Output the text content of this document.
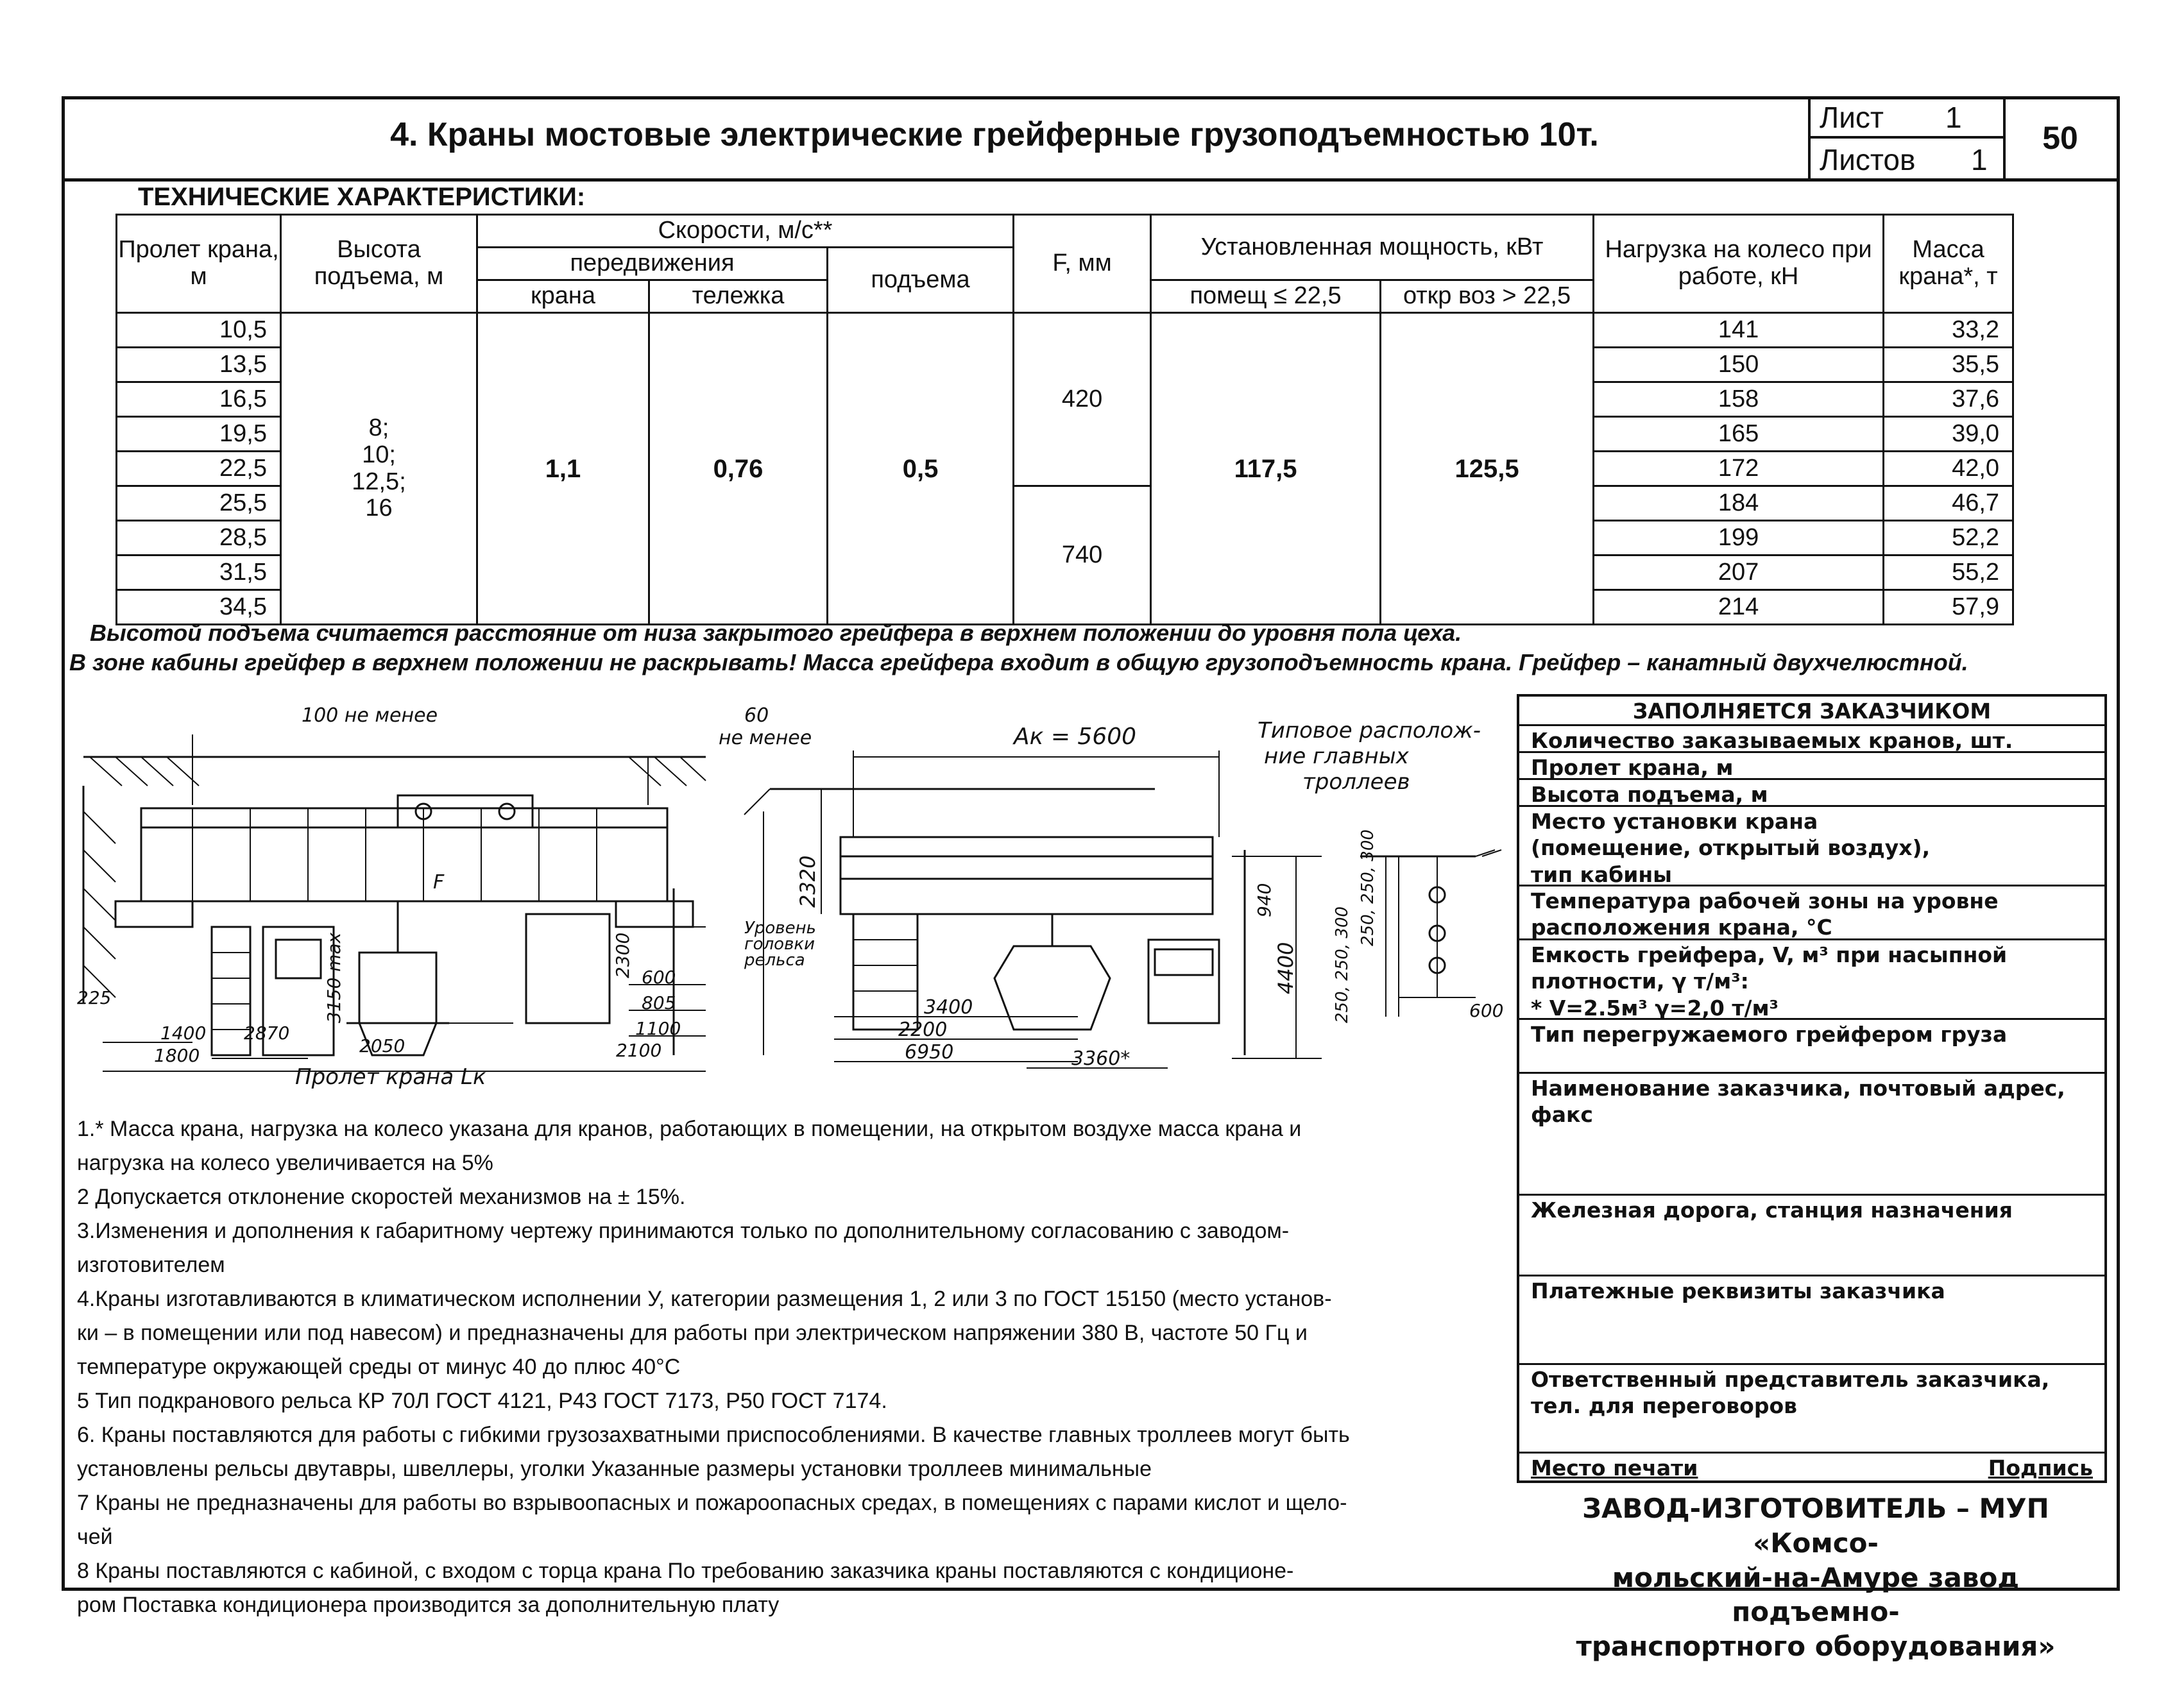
4. Краны мостовые электрические грейферные грузоподъемностью 10т.	Лист 1
Листов 1
50
ТЕХНИЧЕСКИЕ ХАРАКТЕРИСТИКИ:
Пролет крана, м	Высота подъема, м	Скорости, м/с**			F, мм	Установленная мощность, кВт		Нагрузка на колесо при работе, кН	Масса крана*, т
		передвижения		подъема					
		крана	тележка			помещ ≤ 22,5	откр воз > 22,5		
10,5	8;
10;
12,5;
16	1,1	0,76	0,5	420	117,5	125,5	141	33,2
13,5								150	35,5
16,5								158	37,6
19,5								165	39,0
22,5								172	42,0
25,5					740			184	46,7
28,5								199	52,2
31,5								207	55,2
34,5								214	57,9
Высотой подъема считается расстояние от низа закрытого грейфера в верхнем положении до уровня пола цеха.
В зоне кабины грейфер в верхнем положении не раскрывать! Масса грейфера входит в общую грузоподъемность крана. Грейфер – канатный двухчелюстной.
100 не менее	60
не менее	Ак = 5600	Типовое располож-
ние главных
троллеев
2320
F
Уровень
головки
рельса
2300
3150 max
225
1400 2870
2050
1800
600
805
1100
2100
Пролет крана Lк
3400
2200
6950	3360*
940
4400
250, 250, 300
250, 250, 300	600
ЗАПОЛНЯЕТСЯ ЗАКАЗЧИКОМ
Количество заказываемых кранов, шт.
Пролет крана, м
Высота подъема, м
Место установки крана
(помещение, открытый воздух),
тип кабины
Температура рабочей зоны на уровне
расположения крана, °С
Емкость грейфера, V, м³ при насыпной
плотности, γ т/м³:
* V=2.5м³ γ=2,0 т/м³
Тип перегружаемого грейфером груза
Наименование заказчика, почтовый адрес,
факс
Железная дорога, станция назначения
Платежные реквизиты заказчика
Ответственный представитель заказчика,
тел. для переговоров
Место печати	Подпись
1.* Масса крана, нагрузка на колесо указана для кранов, работающих в помещении, на открытом воздухе масса крана и
нагрузка на колесо увеличивается на 5%
2 Допускается отклонение скоростей механизмов на ± 15%.
3.Изменения и дополнения к габаритному чертежу принимаются только по дополнительному согласованию с заводом-
изготовителем
4.Краны изготавливаются в климатическом исполнении У, категории размещения 1, 2 или 3 по ГОСТ 15150 (место установ-
ки – в помещении или под навесом) и предназначены для работы при электрическом напряжении 380 В, частоте 50 Гц и
температуре окружающей среды от минус 40 до плюс 40°С
5 Тип подкранового рельса КР 70Л ГОСТ 4121, Р43 ГОСТ 7173, Р50 ГОСТ 7174.
6. Краны поставляются для работы с гибкими грузозахватными приспособлениями. В качестве главных троллеев могут быть
установлены рельсы двутавры, швеллеры, уголки Указанные размеры установки троллеев минимальные
7 Краны не предназначены для работы во взрывоопасных и пожароопасных средах, в помещениях с парами кислот и щело-
чей
8 Краны поставляются с кабиной, с входом с торца крана По требованию заказчика краны поставляются с кондиционе-
ром Поставка кондиционера производится за дополнительную плату
ЗАВОД-ИЗГОТОВИТЕЛЬ – МУП «Комсо-
мольский-на-Амуре завод подъемно-
транспортного оборудования»
